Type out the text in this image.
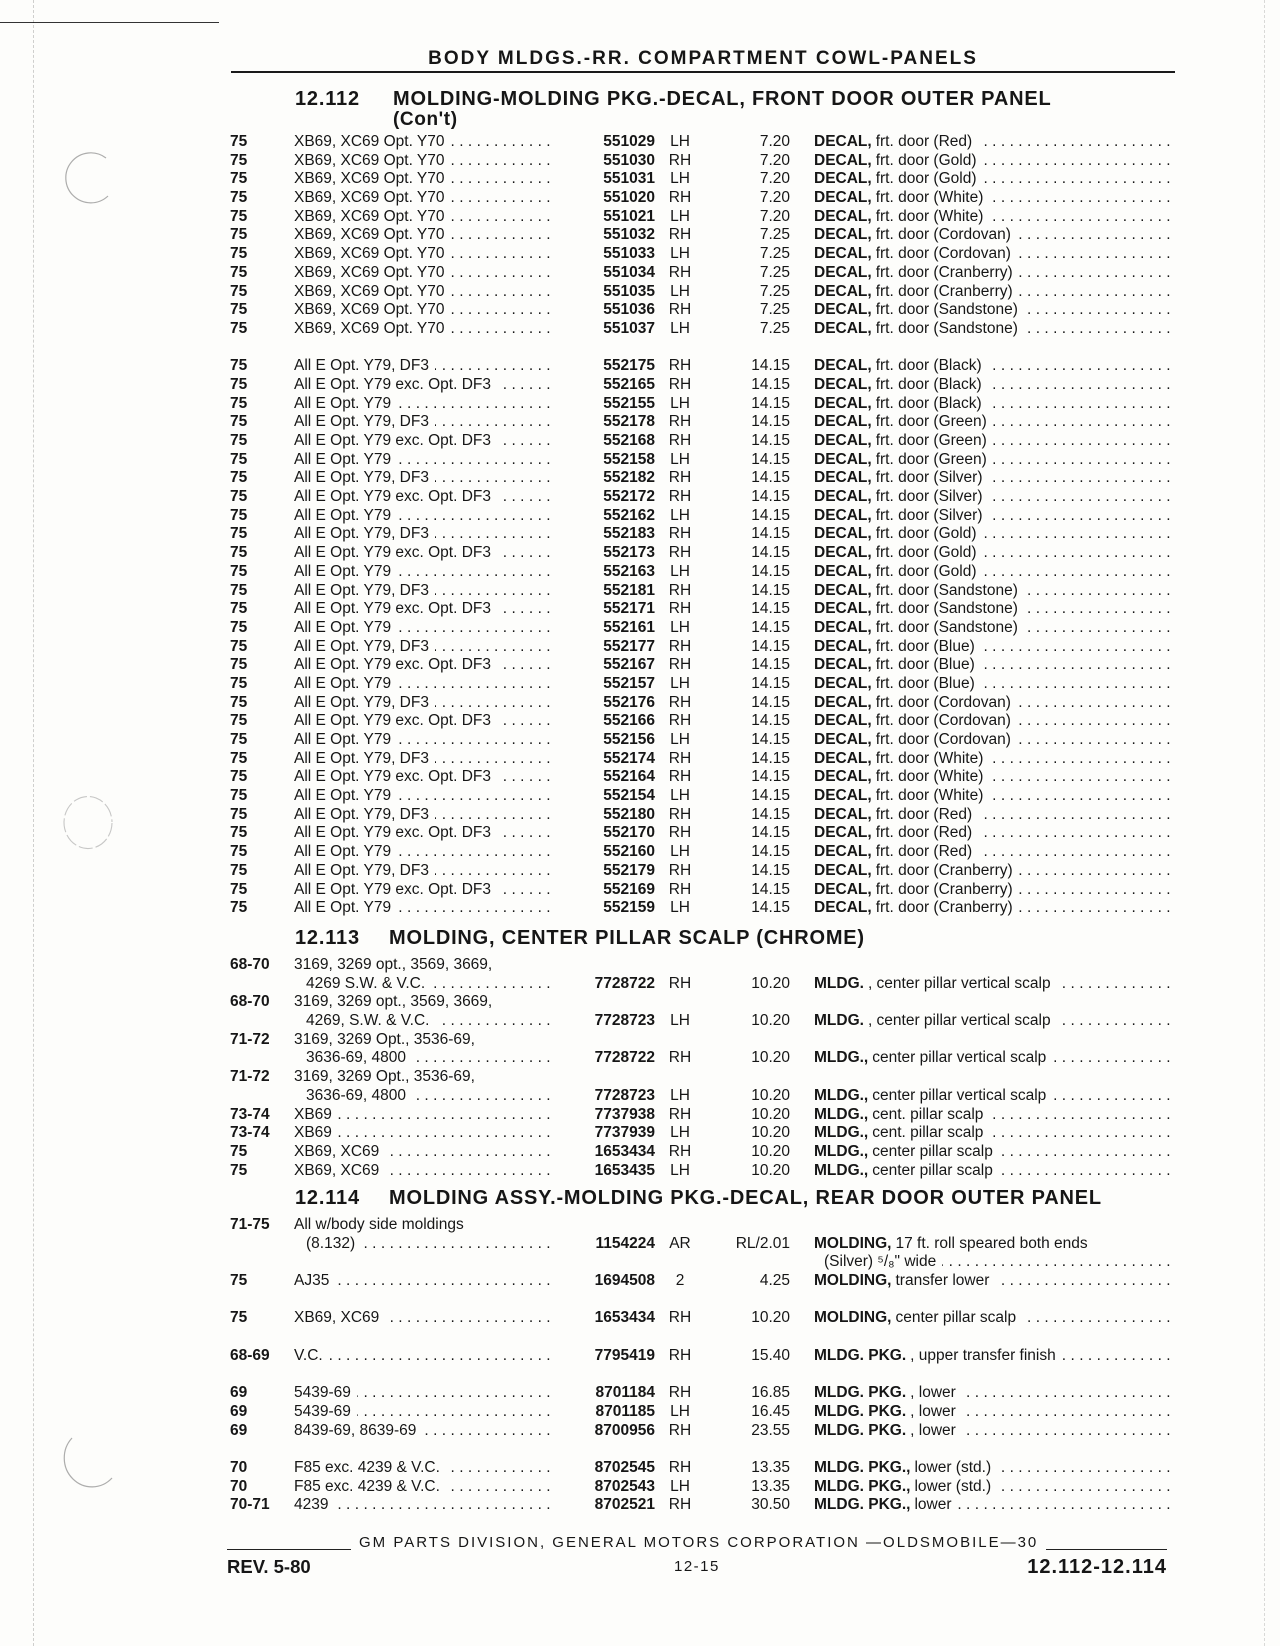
BODY MLDGS.-RR. COMPARTMENT COWL-PANELS
12.112 MOLDING-MOLDING PKG.-DECAL, FRONT DOOR OUTER PANEL
(Con't)
75	XB69, XC69 Opt. Y70 .....	551029 LH	7.20 DECAL, frt. door (Red)
.....
75	XB69, XC69 Opt. Y70 .....	551030 RH	7.20 DECAL, frt. door (Gold)
.....
75	XB69, XC69 Opt. Y70 .....	551031 LH	7.20 DECAL, frt. door (Gold)
.....
75	XB69, XC69 Opt. Y70 .....	551020 RH	7.20 DECAL, frt. door (White)
.....
75	XB69, XC69 Opt. Y70 .....	551021 LH	7.20 DECAL, frt. door (White)
.....
75	XB69, XC69 Opt. Y70 .....	551032 RH	7.25 DECAL, frt. door (Cordovan)
.....
75	XB69, XC69 Opt. Y70 .....	551033 LH	7.25 DECAL, frt. door (Cordovan)
.....
75	XB69, XC69 Opt. Y70 .....	551034 RH	7.25 DECAL, frt. door (Cranberry)
.....
75	XB69, XC69 Opt. Y70 .....	551035 LH	7.25 DECAL, frt. door (Cranberry)
.....
75	XB69, XC69 Opt. Y70 .....	551036 RH	7.25 DECAL, frt. door (Sandstone)
.....
75	XB69, XC69 Opt. Y70 .....	551037 LH	7.25 DECAL, frt. door (Sandstone)
.....
75	All E Opt. Y79, DF3 .....	552175 RH	14.15 DECAL, frt. door (Black)
.....
75	All E Opt. Y79 exc. Opt. DF3 .....	552165 RH	14.15 DECAL, frt. door (Black)
.....
75	All E Opt. Y79 .....	552155 LH	14.15 DECAL, frt. door (Black)
.....
75	All E Opt. Y79, DF3 .....	552178 RH	14.15 DECAL, frt. door (Green)
.....
75	All E Opt. Y79 exc. Opt. DF3 .....	552168 RH	14.15 DECAL, frt. door (Green)
.....
75	All E Opt. Y79 .....	552158 LH	14.15 DECAL, frt. door (Green)
.....
75	All E Opt. Y79, DF3 .....	552182 RH	14.15 DECAL, frt. door (Silver)
.....
75	All E Opt. Y79 exc. Opt. DF3 .....	552172 RH	14.15 DECAL, frt. door (Silver)
.....
75	All E Opt. Y79 .....	552162 LH	14.15 DECAL, frt. door (Silver)
.....
75	All E Opt. Y79, DF3 .....	552183 RH	14.15 DECAL, frt. door (Gold)
.....
75	All E Opt. Y79 exc. Opt. DF3 .....	552173 RH	14.15 DECAL, frt. door (Gold)
.....
75	All E Opt. Y79 .....	552163 LH	14.15 DECAL, frt. door (Gold)
.....
75	All E Opt. Y79, DF3 .....	552181 RH	14.15 DECAL, frt. door (Sandstone)
.....
75	All E Opt. Y79 exc. Opt. DF3 .....	552171 RH	14.15 DECAL, frt. door (Sandstone)
.....
75	All E Opt. Y79 .....	552161 LH	14.15 DECAL, frt. door (Sandstone)
.....
75	All E Opt. Y79, DF3 .....	552177 RH	14.15 DECAL, frt. door (Blue)
.....
75	All E Opt. Y79 exc. Opt. DF3 .....	552167 RH	14.15 DECAL, frt. door (Blue)
.....
75	All E Opt. Y79 .....	552157 LH	14.15 DECAL, frt. door (Blue)
.....
75	All E Opt. Y79, DF3 .....	552176 RH	14.15 DECAL, frt. door (Cordovan)
.....
75	All E Opt. Y79 exc. Opt. DF3 .....	552166 RH	14.15 DECAL, frt. door (Cordovan)
.....
75	All E Opt. Y79 .....	552156 LH	14.15 DECAL, frt. door (Cordovan)
.....
75	All E Opt. Y79, DF3 .....	552174 RH	14.15 DECAL, frt. door (White)
.....
75	All E Opt. Y79 exc. Opt. DF3 .....	552164 RH	14.15 DECAL, frt. door (White)
.....
75	All E Opt. Y79 .....	552154 LH	14.15 DECAL, frt. door (White)
.....
75	All E Opt. Y79, DF3 .....	552180 RH	14.15 DECAL, frt. door (Red)
.....
75	All E Opt. Y79 exc. Opt. DF3 .....	552170 RH	14.15 DECAL, frt. door (Red)
.....
75	All E Opt. Y79 .....	552160 LH	14.15 DECAL, frt. door (Red)
.....
75	All E Opt. Y79, DF3 .....	552179 RH	14.15 DECAL, frt. door (Cranberry)
.....
75	All E Opt. Y79 exc. Opt. DF3 .....	552169 RH	14.15 DECAL, frt. door (Cranberry)
.....
75	All E Opt. Y79 .....	552159 LH	14.15 DECAL, frt. door (Cranberry)
.....
12.113 MOLDING, CENTER PILLAR SCALP (CHROME)
68-70	3169, 3269 opt., 3569, 3669,
4269 S.W. & V.C. .....	7728722 RH	10.20 MLDG. , center pillar vertical scalp
.....
68-70	3169, 3269 opt., 3569, 3669,
4269, S.W. & V.C. .....	7728723 LH	10.20 MLDG. , center pillar vertical scalp
.....
71-72	3169, 3269 Opt., 3536-69,
3636-69, 4800 .....	7728722 RH	10.20 MLDG., center pillar vertical scalp
.....
71-72	3169, 3269 Opt., 3536-69,
3636-69, 4800 .....	7728723 LH	10.20 MLDG., center pillar vertical scalp
.....
73-74	XB69 .....	7737938 RH	10.20 MLDG., cent. pillar scalp
.....
73-74	XB69 .....	7737939 LH	10.20 MLDG., cent. pillar scalp
.....
75	XB69, XC69 .....	1653434 RH	10.20 MLDG., center pillar scalp
.....
75	XB69, XC69 .....	1653435 LH	10.20 MLDG., center pillar scalp
.....
12.114 MOLDING ASSY.-MOLDING PKG.-DECAL, REAR DOOR OUTER PANEL
71-75	All w/body side moldings
(8.132) .....	1154224 AR	RL/2.01 MOLDING, 17 ft. roll speared both ends
(Silver) ⁵/₈" wide
.....
75	AJ35 .....	1694508	2	4.25 MOLDING, transfer lower
.....
75	XB69, XC69 .....	1653434 RH	10.20 MOLDING, center pillar scalp
.....
68-69	V.C. .....	7795419 RH	15.40 MLDG. PKG. , upper transfer finish
.....
69	5439-69 .....	8701184 RH	16.85 MLDG. PKG. , lower
.....
69	5439-69 .....	8701185 LH	16.45 MLDG. PKG. , lower
.....
69	8439-69, 8639-69 .....	8700956 RH	23.55 MLDG. PKG. , lower
.....
70	F85 exc. 4239 & V.C. .....	8702545 RH	13.35 MLDG. PKG., lower (std.)
.....
70	F85 exc. 4239 & V.C. .....	8702543 LH	13.35 MLDG. PKG., lower (std.)
.....
70-71	4239 .....	8702521 RH	30.50 MLDG. PKG., lower
.....
GM PARTS DIVISION, GENERAL MOTORS CORPORATION —OLDSMOBILE—30
REV. 5-80	12-15	12.112-12.114
